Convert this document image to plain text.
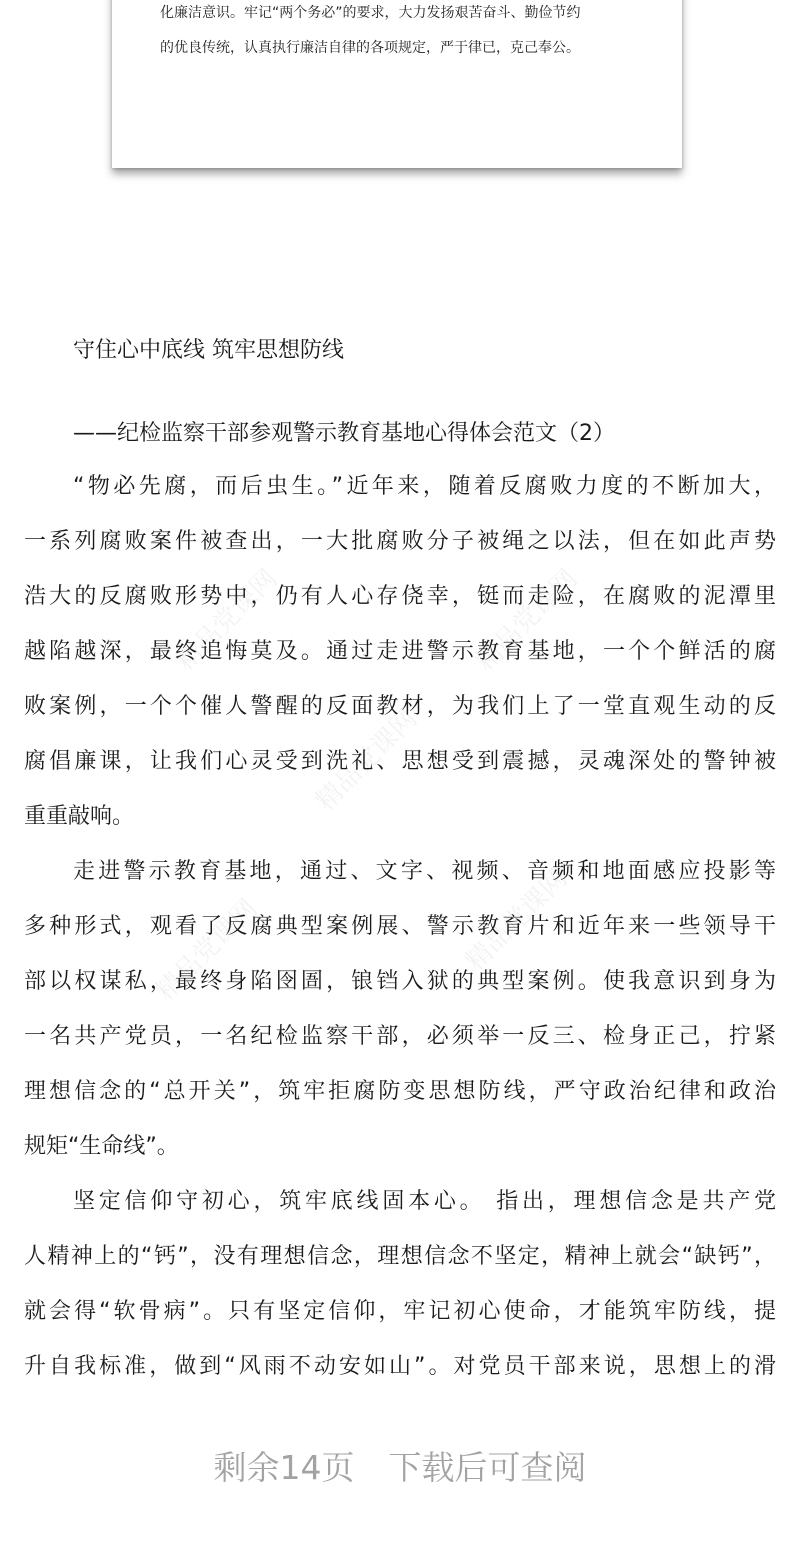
化廉洁意识。牢记“两个务必”的要求，大力发扬艰苦奋斗、勤俭节约
的优良传统，认真执行廉洁自律的各项规定，严于律已，克己奉公。
精品党课网	精品党课网
精品党课网
精品党课网	精品党课网
守住心中底线 筑牢思想防线
——纪检监察干部参观警示教育基地心得体会范文（2）
“物必先腐，而后虫生。”近年来，随着反腐败力度的不断加大，
一系列腐败案件被查出，一大批腐败分子被绳之以法，但在如此声势
浩大的反腐败形势中，仍有人心存侥幸，铤而走险，在腐败的泥潭里
越陷越深，最终追悔莫及。通过走进警示教育基地，一个个鲜活的腐
败案例，一个个催人警醒的反面教材，为我们上了一堂直观生动的反
腐倡廉课，让我们心灵受到洗礼、思想受到震撼，灵魂深处的警钟被
重重敲响。
走进警示教育基地，通过、文字、视频、音频和地面感应投影等
多种形式，观看了反腐典型案例展、警示教育片和近年来一些领导干
部以权谋私，最终身陷囹圄，锒铛入狱的典型案例。使我意识到身为
一名共产党员，一名纪检监察干部，必须举一反三、检身正己，拧紧
理想信念的“总开关”，筑牢拒腐防变思想防线，严守政治纪律和政治
规矩“生命线”。
坚定信仰守初心，筑牢底线固本心。 指出，理想信念是共产党
人精神上的“钙”，没有理想信念，理想信念不坚定，精神上就会“缺钙”，
就会得“软骨病”。只有坚定信仰，牢记初心使命，才能筑牢防线，提
升自我标准，做到“风雨不动安如山”。对党员干部来说，思想上的滑
剩余14页 下载后可查阅
